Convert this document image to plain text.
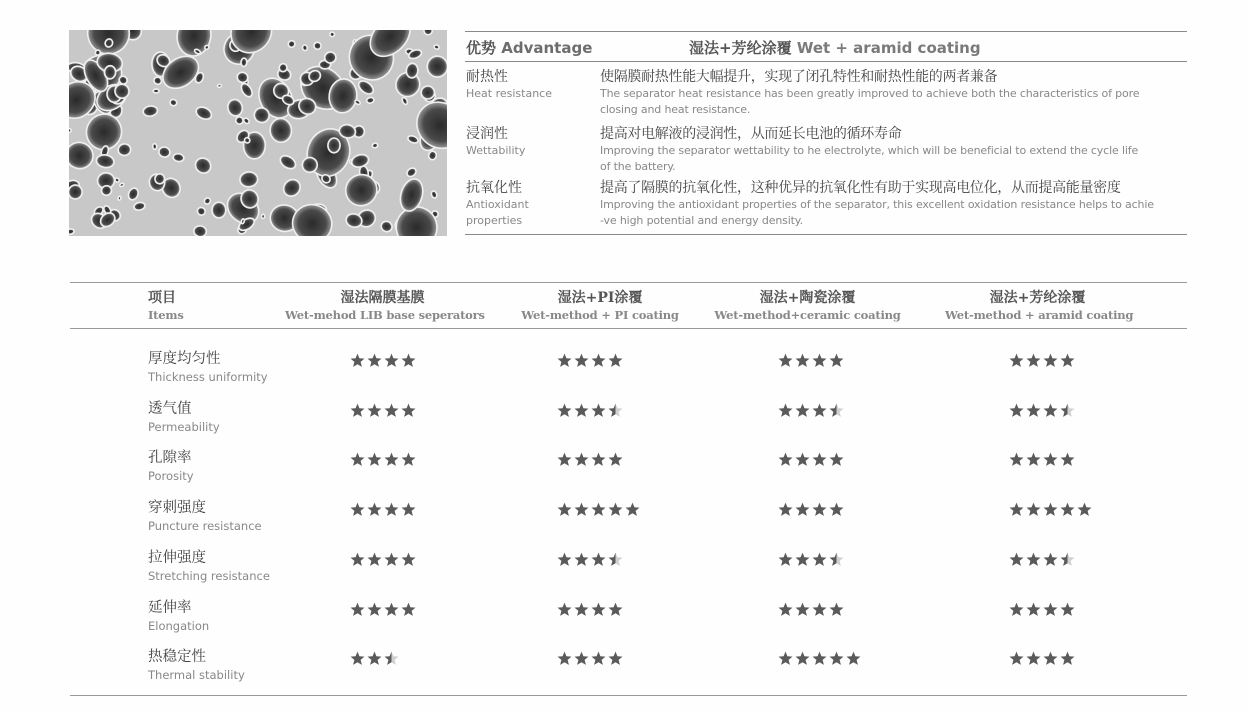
优势 Advantage	湿法+芳纶涂覆 Wet + aramid coating
耐热性
Heat resistance
使隔膜耐热性能大幅提升，实现了闭孔特性和耐热性能的两者兼备
The separator heat resistance has been greatly improved to achieve both the characteristics of pore
closing and heat resistance.
浸润性
Wettability
提高对电解液的浸润性，从而延长电池的循环寿命
Improving the separator wettability to he electrolyte, which will be beneficial to extend the cycle life
of the battery.
抗氧化性
Antioxidant
properties
提高了隔膜的抗氧化性，这种优异的抗氧化性有助于实现高电位化，从而提高能量密度
Improving the antioxidant properties of the separator, this excellent oxidation resistance helps to achie
-ve high potential and energy density.
项目
Items
湿法隔膜基膜
Wet-mehod LIB base seperators
湿法+PI涂覆
Wet-method + PI coating
湿法+陶瓷涂覆
Wet-method+ceramic coating
湿法+芳纶涂覆
Wet-method + aramid coating
厚度均匀性
Thickness uniformity
透气值
Permeability
孔隙率
Porosity
穿刺强度
Puncture resistance
拉伸强度
Stretching resistance
延伸率
Elongation
热稳定性
Thermal stability
